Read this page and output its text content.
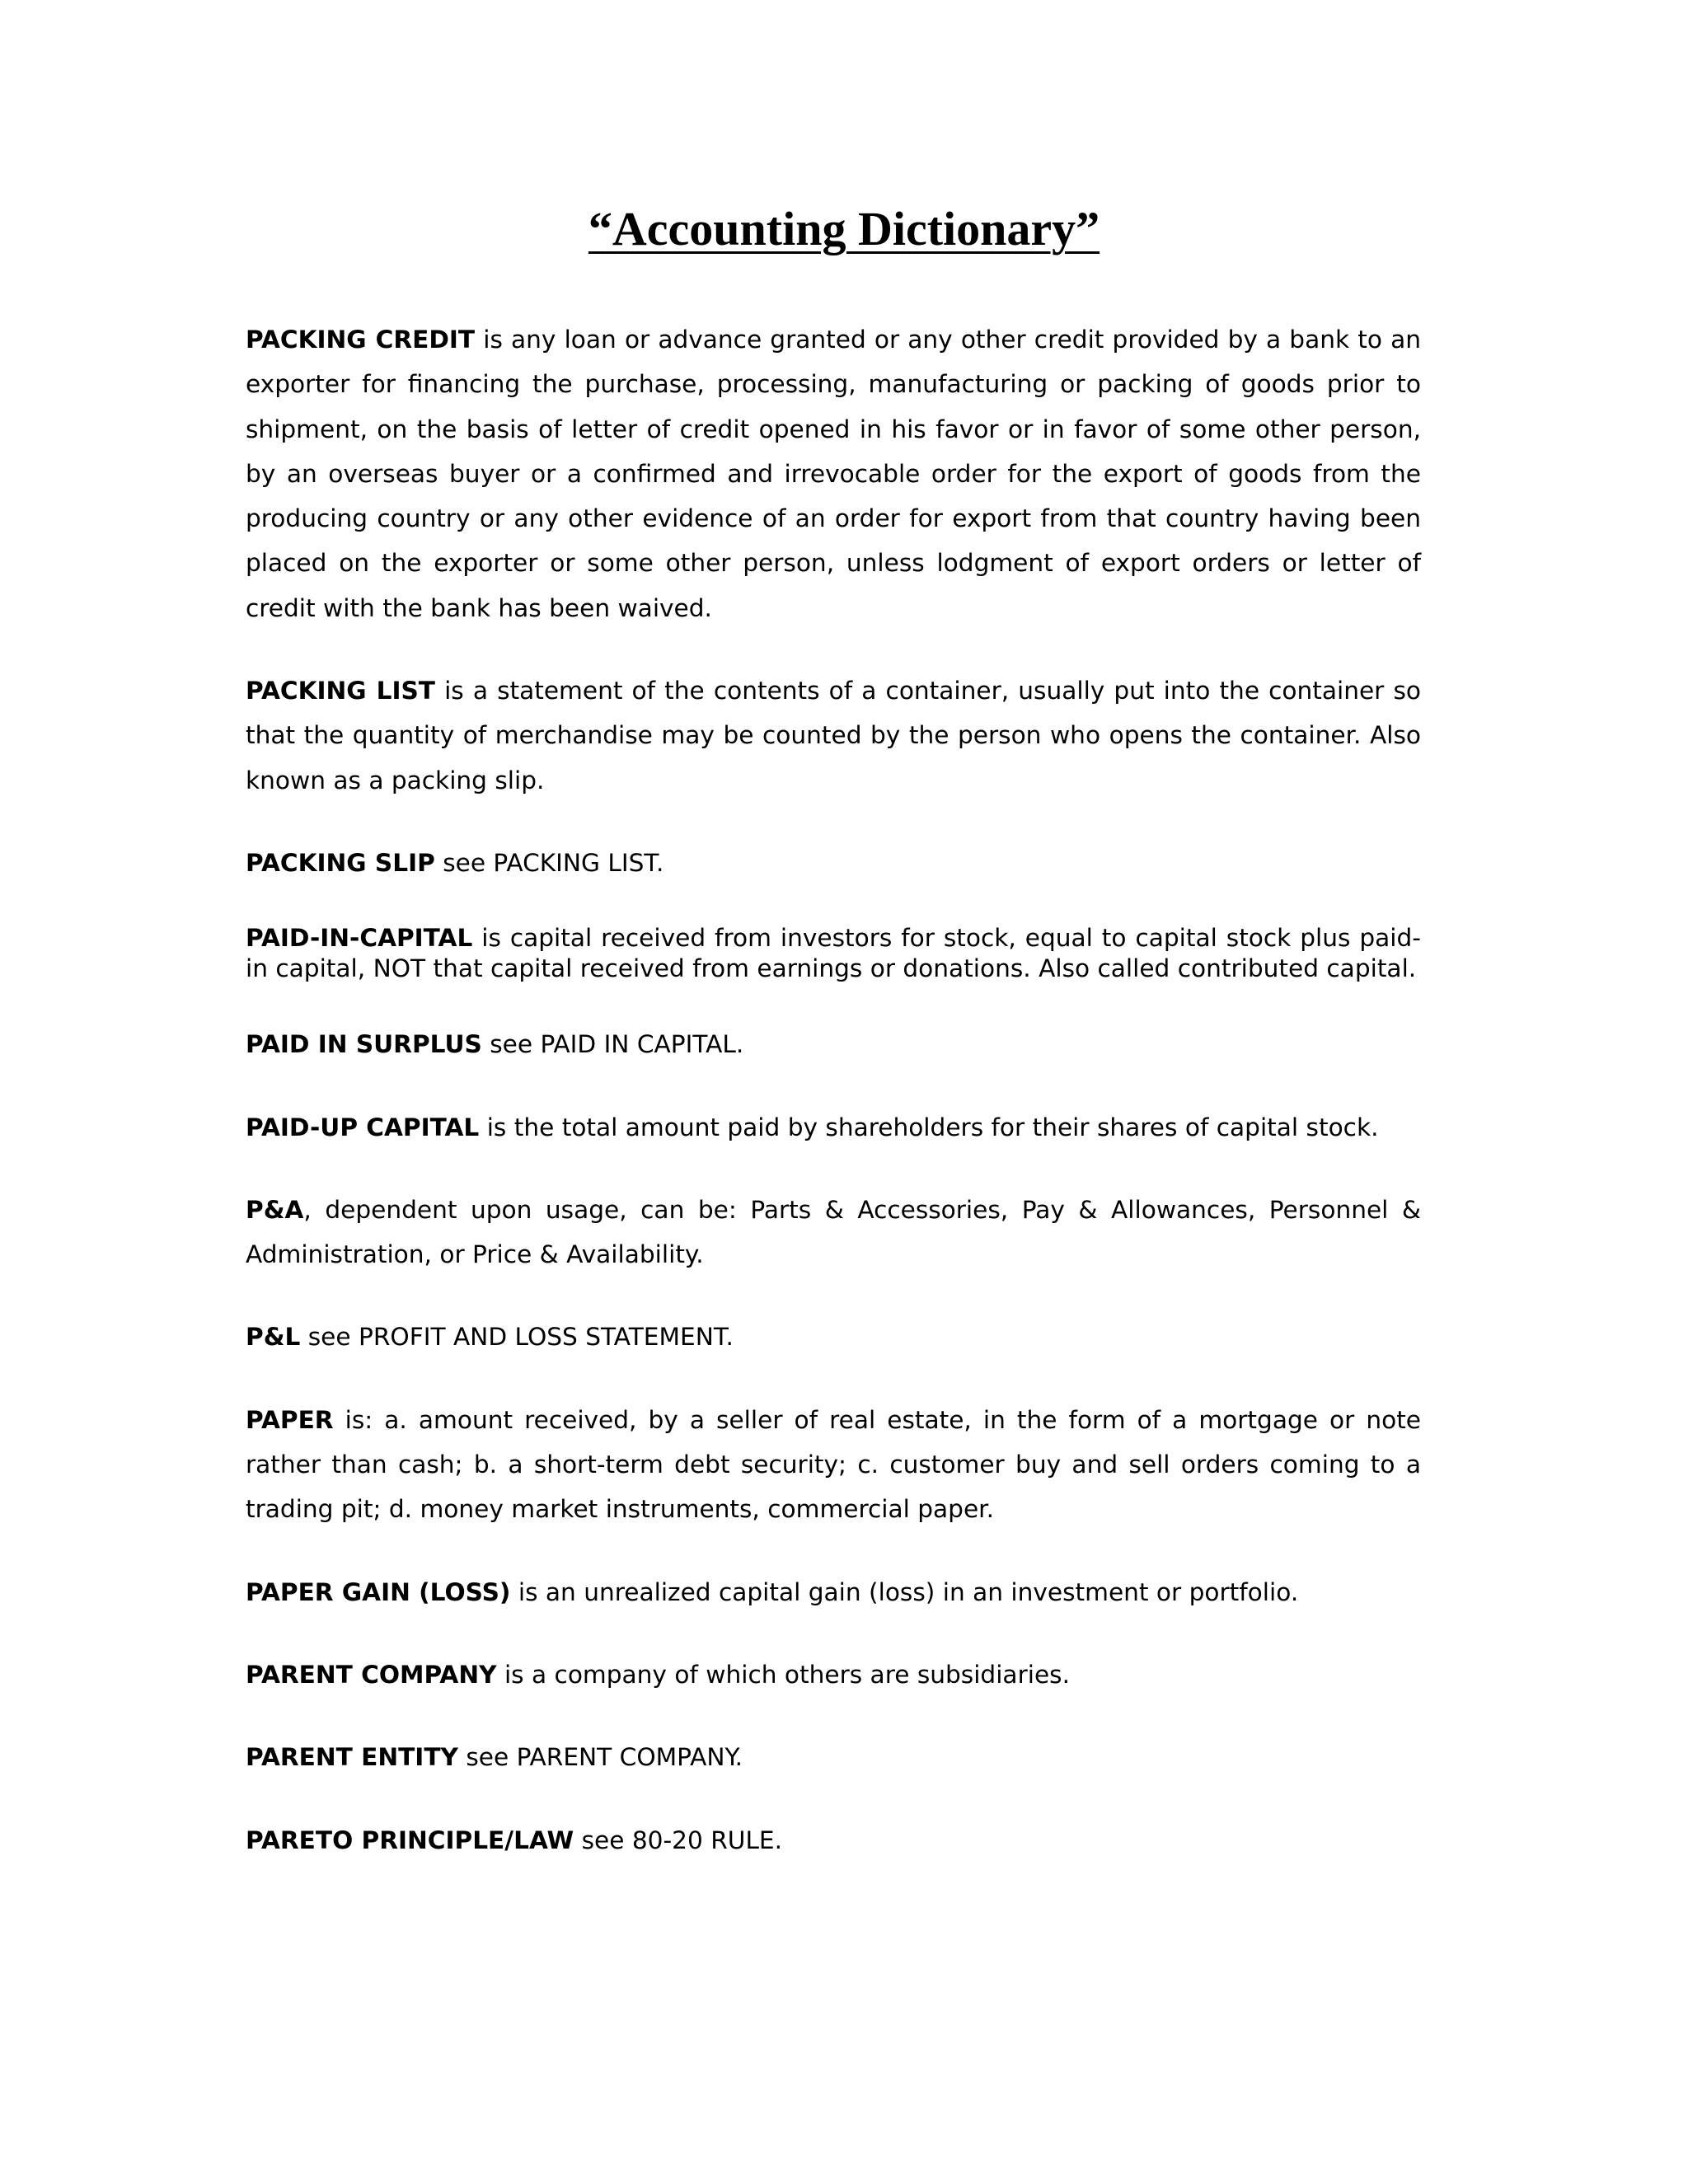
“Accounting Dictionary”

PACKING CREDIT is any loan or advance granted or any other credit provided by a bank to an exporter for financing the purchase, processing, manufacturing or packing of goods prior to shipment, on the basis of letter of credit opened in his favor or in favor of some other person, by an overseas buyer or a confirmed and irrevocable order for the export of goods from the producing country or any other evidence of an order for export from that country having been placed on the exporter or some other person, unless lodgment of export orders or letter of credit with the bank has been waived.

PACKING LIST is a statement of the contents of a container, usually put into the container so that the quantity of merchandise may be counted by the person who opens the container. Also known as a packing slip.

PACKING SLIP see PACKING LIST.

PAID-IN-CAPITAL is capital received from investors for stock, equal to capital stock plus paid-in capital, NOT that capital received from earnings or donations. Also called contributed capital.

PAID IN SURPLUS see PAID IN CAPITAL.

PAID-UP CAPITAL is the total amount paid by shareholders for their shares of capital stock.

P&A, dependent upon usage, can be: Parts & Accessories, Pay & Allowances, Personnel & Administration, or Price & Availability.

P&L see PROFIT AND LOSS STATEMENT.

PAPER is: a. amount received, by a seller of real estate, in the form of a mortgage or note rather than cash; b. a short-term debt security; c. customer buy and sell orders coming to a trading pit; d. money market instruments, commercial paper.

PAPER GAIN (LOSS) is an unrealized capital gain (loss) in an investment or portfolio.

PARENT COMPANY is a company of which others are subsidiaries.

PARENT ENTITY see PARENT COMPANY.

PARETO PRINCIPLE/LAW see 80-20 RULE.
